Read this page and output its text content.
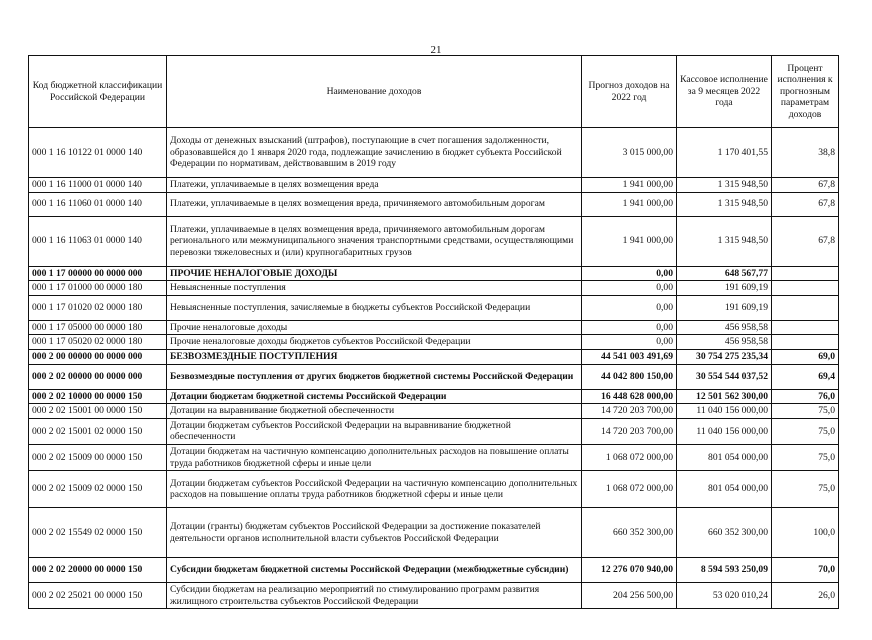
21
Код бюджетной классификации Российской Федерации	Наименование доходов	Прогноз доходов на 2022 год	Кассовое исполнение за 9 месяцев 2022 года	Процент исполнения к прогнозным параметрам доходов
000 1 16 10122 01 0000 140	Доходы от денежных взысканий (штрафов), поступающие в счет погашения задолженности, образовавшейся до 1 января 2020 года, подлежащие зачислению в бюджет субъекта Российской Федерации по нормативам, действовавшим в 2019 году	3 015 000,00	1 170 401,55	38,8
000 1 16 11000 01 0000 140	Платежи, уплачиваемые в целях возмещения вреда	1 941 000,00	1 315 948,50	67,8
000 1 16 11060 01 0000 140	Платежи, уплачиваемые в целях возмещения вреда, причиняемого автомобильным дорогам	1 941 000,00	1 315 948,50	67,8
000 1 16 11063 01 0000 140	Платежи, уплачиваемые в целях возмещения вреда, причиняемого автомобильным дорогам регионального или межмуниципального значения транспортными средствами, осуществляющими перевозки тяжеловесных и (или) крупногабаритных грузов	1 941 000,00	1 315 948,50	67,8
000 1 17 00000 00 0000 000	ПРОЧИЕ НЕНАЛОГОВЫЕ ДОХОДЫ	0,00	648 567,77	
000 1 17 01000 00 0000 180	Невыясненные поступления	0,00	191 609,19	
000 1 17 01020 02 0000 180	Невыясненные поступления, зачисляемые в бюджеты субъектов Российской Федерации	0,00	191 609,19	
000 1 17 05000 00 0000 180	Прочие неналоговые доходы	0,00	456 958,58	
000 1 17 05020 02 0000 180	Прочие неналоговые доходы бюджетов субъектов Российской Федерации	0,00	456 958,58	
000 2 00 00000 00 0000 000	БЕЗВОЗМЕЗДНЫЕ ПОСТУПЛЕНИЯ	44 541 003 491,69	30 754 275 235,34	69,0
000 2 02 00000 00 0000 000	Безвозмездные поступления от других бюджетов бюджетной системы Российской Федерации	44 042 800 150,00	30 554 544 037,52	69,4
000 2 02 10000 00 0000 150	Дотации бюджетам бюджетной системы Российской Федерации	16 448 628 000,00	12 501 562 300,00	76,0
000 2 02 15001 00 0000 150	Дотации на выравнивание бюджетной обеспеченности	14 720 203 700,00	11 040 156 000,00	75,0
000 2 02 15001 02 0000 150	Дотации бюджетам субъектов Российской Федерации на выравнивание бюджетной обеспеченности	14 720 203 700,00	11 040 156 000,00	75,0
000 2 02 15009 00 0000 150	Дотации бюджетам на частичную компенсацию дополнительных расходов на повышение оплаты труда работников бюджетной сферы и иные цели	1 068 072 000,00	801 054 000,00	75,0
000 2 02 15009 02 0000 150	Дотации бюджетам субъектов Российской Федерации на частичную компенсацию дополнительных расходов на повышение оплаты труда работников бюджетной сферы и иные цели	1 068 072 000,00	801 054 000,00	75,0
000 2 02 15549 02 0000 150	Дотации (гранты) бюджетам субъектов Российской Федерации за достижение показателей деятельности органов исполнительной власти субъектов Российской Федерации	660 352 300,00	660 352 300,00	100,0
000 2 02 20000 00 0000 150	Субсидии бюджетам бюджетной системы Российской Федерации (межбюджетные субсидии)	12 276 070 940,00	8 594 593 250,09	70,0
000 2 02 25021 00 0000 150	Субсидии бюджетам на реализацию мероприятий по стимулированию программ развития жилищного строительства субъектов Российской Федерации	204 256 500,00	53 020 010,24	26,0
